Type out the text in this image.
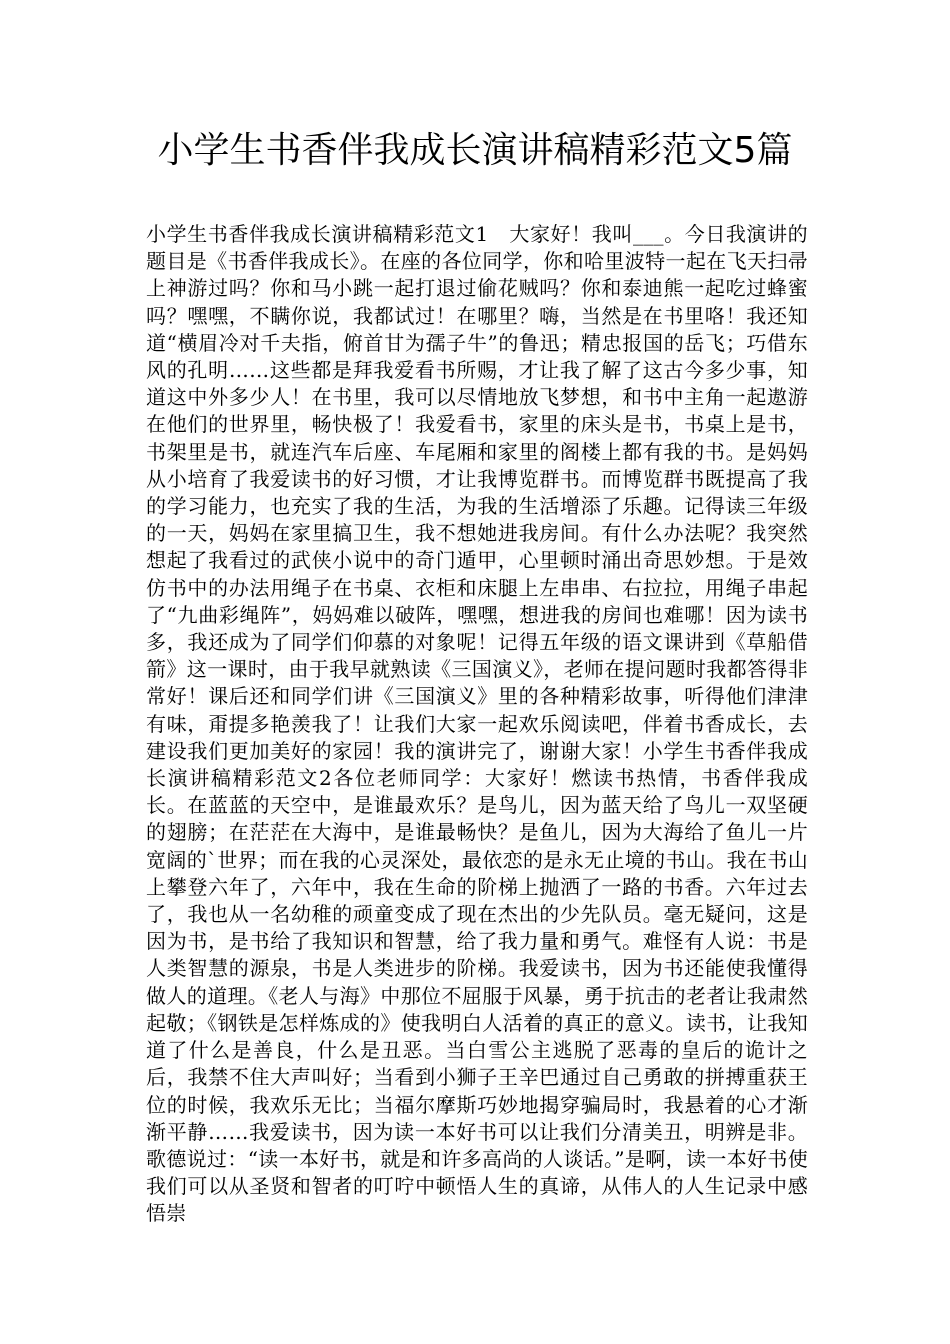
小学生书香伴我成长演讲稿精彩范文5篇

小学生书香伴我成长演讲稿精彩范文1　大家好！我叫___。今日我演讲的题目是《书香伴我成长》。在座的各位同学，你和哈里波特一起在飞天扫帚上神游过吗？你和马小跳一起打退过偷花贼吗？你和泰迪熊一起吃过蜂蜜吗？嘿嘿，不瞒你说，我都试过！在哪里？嗨，当然是在书里咯！我还知道“横眉冷对千夫指，俯首甘为孺子牛”的鲁迅；精忠报国的岳飞；巧借东风的孔明……这些都是拜我爱看书所赐，才让我了解了这古今多少事，知道这中外多少人！在书里，我可以尽情地放飞梦想，和书中主角一起遨游在他们的世界里，畅快极了！我爱看书，家里的床头是书，书桌上是书，书架里是书，就连汽车后座、车尾厢和家里的阁楼上都有我的书。是妈妈从小培育了我爱读书的好习惯，才让我博览群书。而博览群书既提高了我的学习能力，也充实了我的生活，为我的生活增添了乐趣。记得读三年级的一天，妈妈在家里搞卫生，我不想她进我房间。有什么办法呢？我突然想起了我看过的武侠小说中的奇门遁甲，心里顿时涌出奇思妙想。于是效仿书中的办法用绳子在书桌、衣柜和床腿上左串串、右拉拉，用绳子串起了“九曲彩绳阵”，妈妈难以破阵，嘿嘿，想进我的房间也难哪！因为读书多，我还成为了同学们仰慕的对象呢！记得五年级的语文课讲到《草船借箭》这一课时，由于我早就熟读《三国演义》，老师在提问题时我都答得非常好！课后还和同学们讲《三国演义》里的各种精彩故事，听得他们津津有味，甭提多艳羡我了！让我们大家一起欢乐阅读吧，伴着书香成长，去建设我们更加美好的家园！我的演讲完了，谢谢大家！小学生书香伴我成长演讲稿精彩范文2各位老师同学：大家好！燃读书热情，书香伴我成长。在蓝蓝的天空中，是谁最欢乐？是鸟儿，因为蓝天给了鸟儿一双坚硬的翅膀；在茫茫在大海中，是谁最畅快？是鱼儿，因为大海给了鱼儿一片宽阔的`世界；而在我的心灵深处，最依恋的是永无止境的书山。我在书山上攀登六年了，六年中，我在生命的阶梯上抛洒了一路的书香。六年过去了，我也从一名幼稚的顽童变成了现在杰出的少先队员。毫无疑问，这是因为书，是书给了我知识和智慧，给了我力量和勇气。难怪有人说：书是人类智慧的源泉，书是人类进步的阶梯。我爱读书，因为书还能使我懂得做人的道理。《老人与海》中那位不屈服于风暴，勇于抗击的老者让我肃然起敬；《钢铁是怎样炼成的》使我明白人活着的真正的意义。读书，让我知道了什么是善良，什么是丑恶。当白雪公主逃脱了恶毒的皇后的诡计之后，我禁不住大声叫好；当看到小狮子王辛巴通过自己勇敢的拼搏重获王位的时候，我欢乐无比；当福尔摩斯巧妙地揭穿骗局时，我悬着的心才渐渐平静……我爱读书，因为读一本好书可以让我们分清美丑，明辨是非。歌德说过：“读一本好书，就是和许多高尚的人谈话。”是啊，读一本好书使我们可以从圣贤和智者的叮咛中顿悟人生的真谛，从伟人的人生记录中感悟崇
